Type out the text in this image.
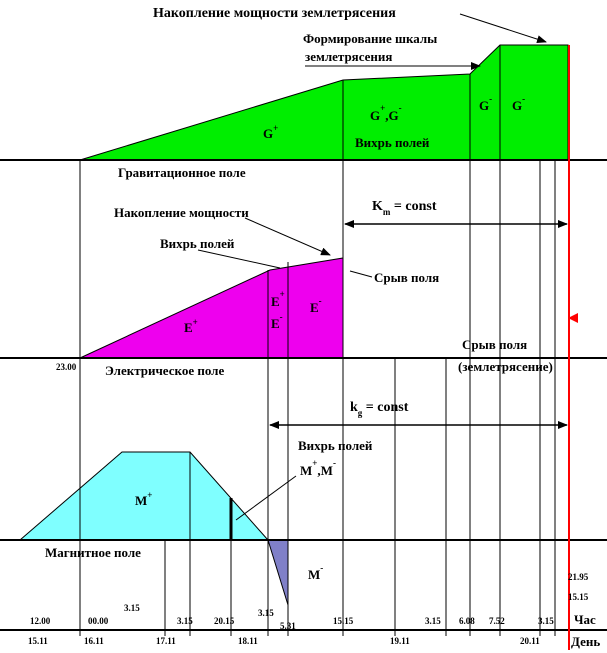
Накопление мощности землетрясения
Формирование шкалы
землетрясения
G+
G+,G-
Вихрь полей
G- G-
Гравитационное поле
$K_m$ = const
Накопление мощности
Вихрь полей
E+
E+
E-
E-
Срыв поля
23.00 Электрическое поле
Срыв поля
(землетрясение)
$k_g$ = const
Вихрь полей
M+,M-
M+
Магнитное поле
M-
12.00	00.00
3.15
3.15 20.15
3.15
5.31	15.15	3.15 6.08 7.52	3.15
21.95
15.15
Час
15.11	16.11	17.11	18.11	19.11	20.11 День
